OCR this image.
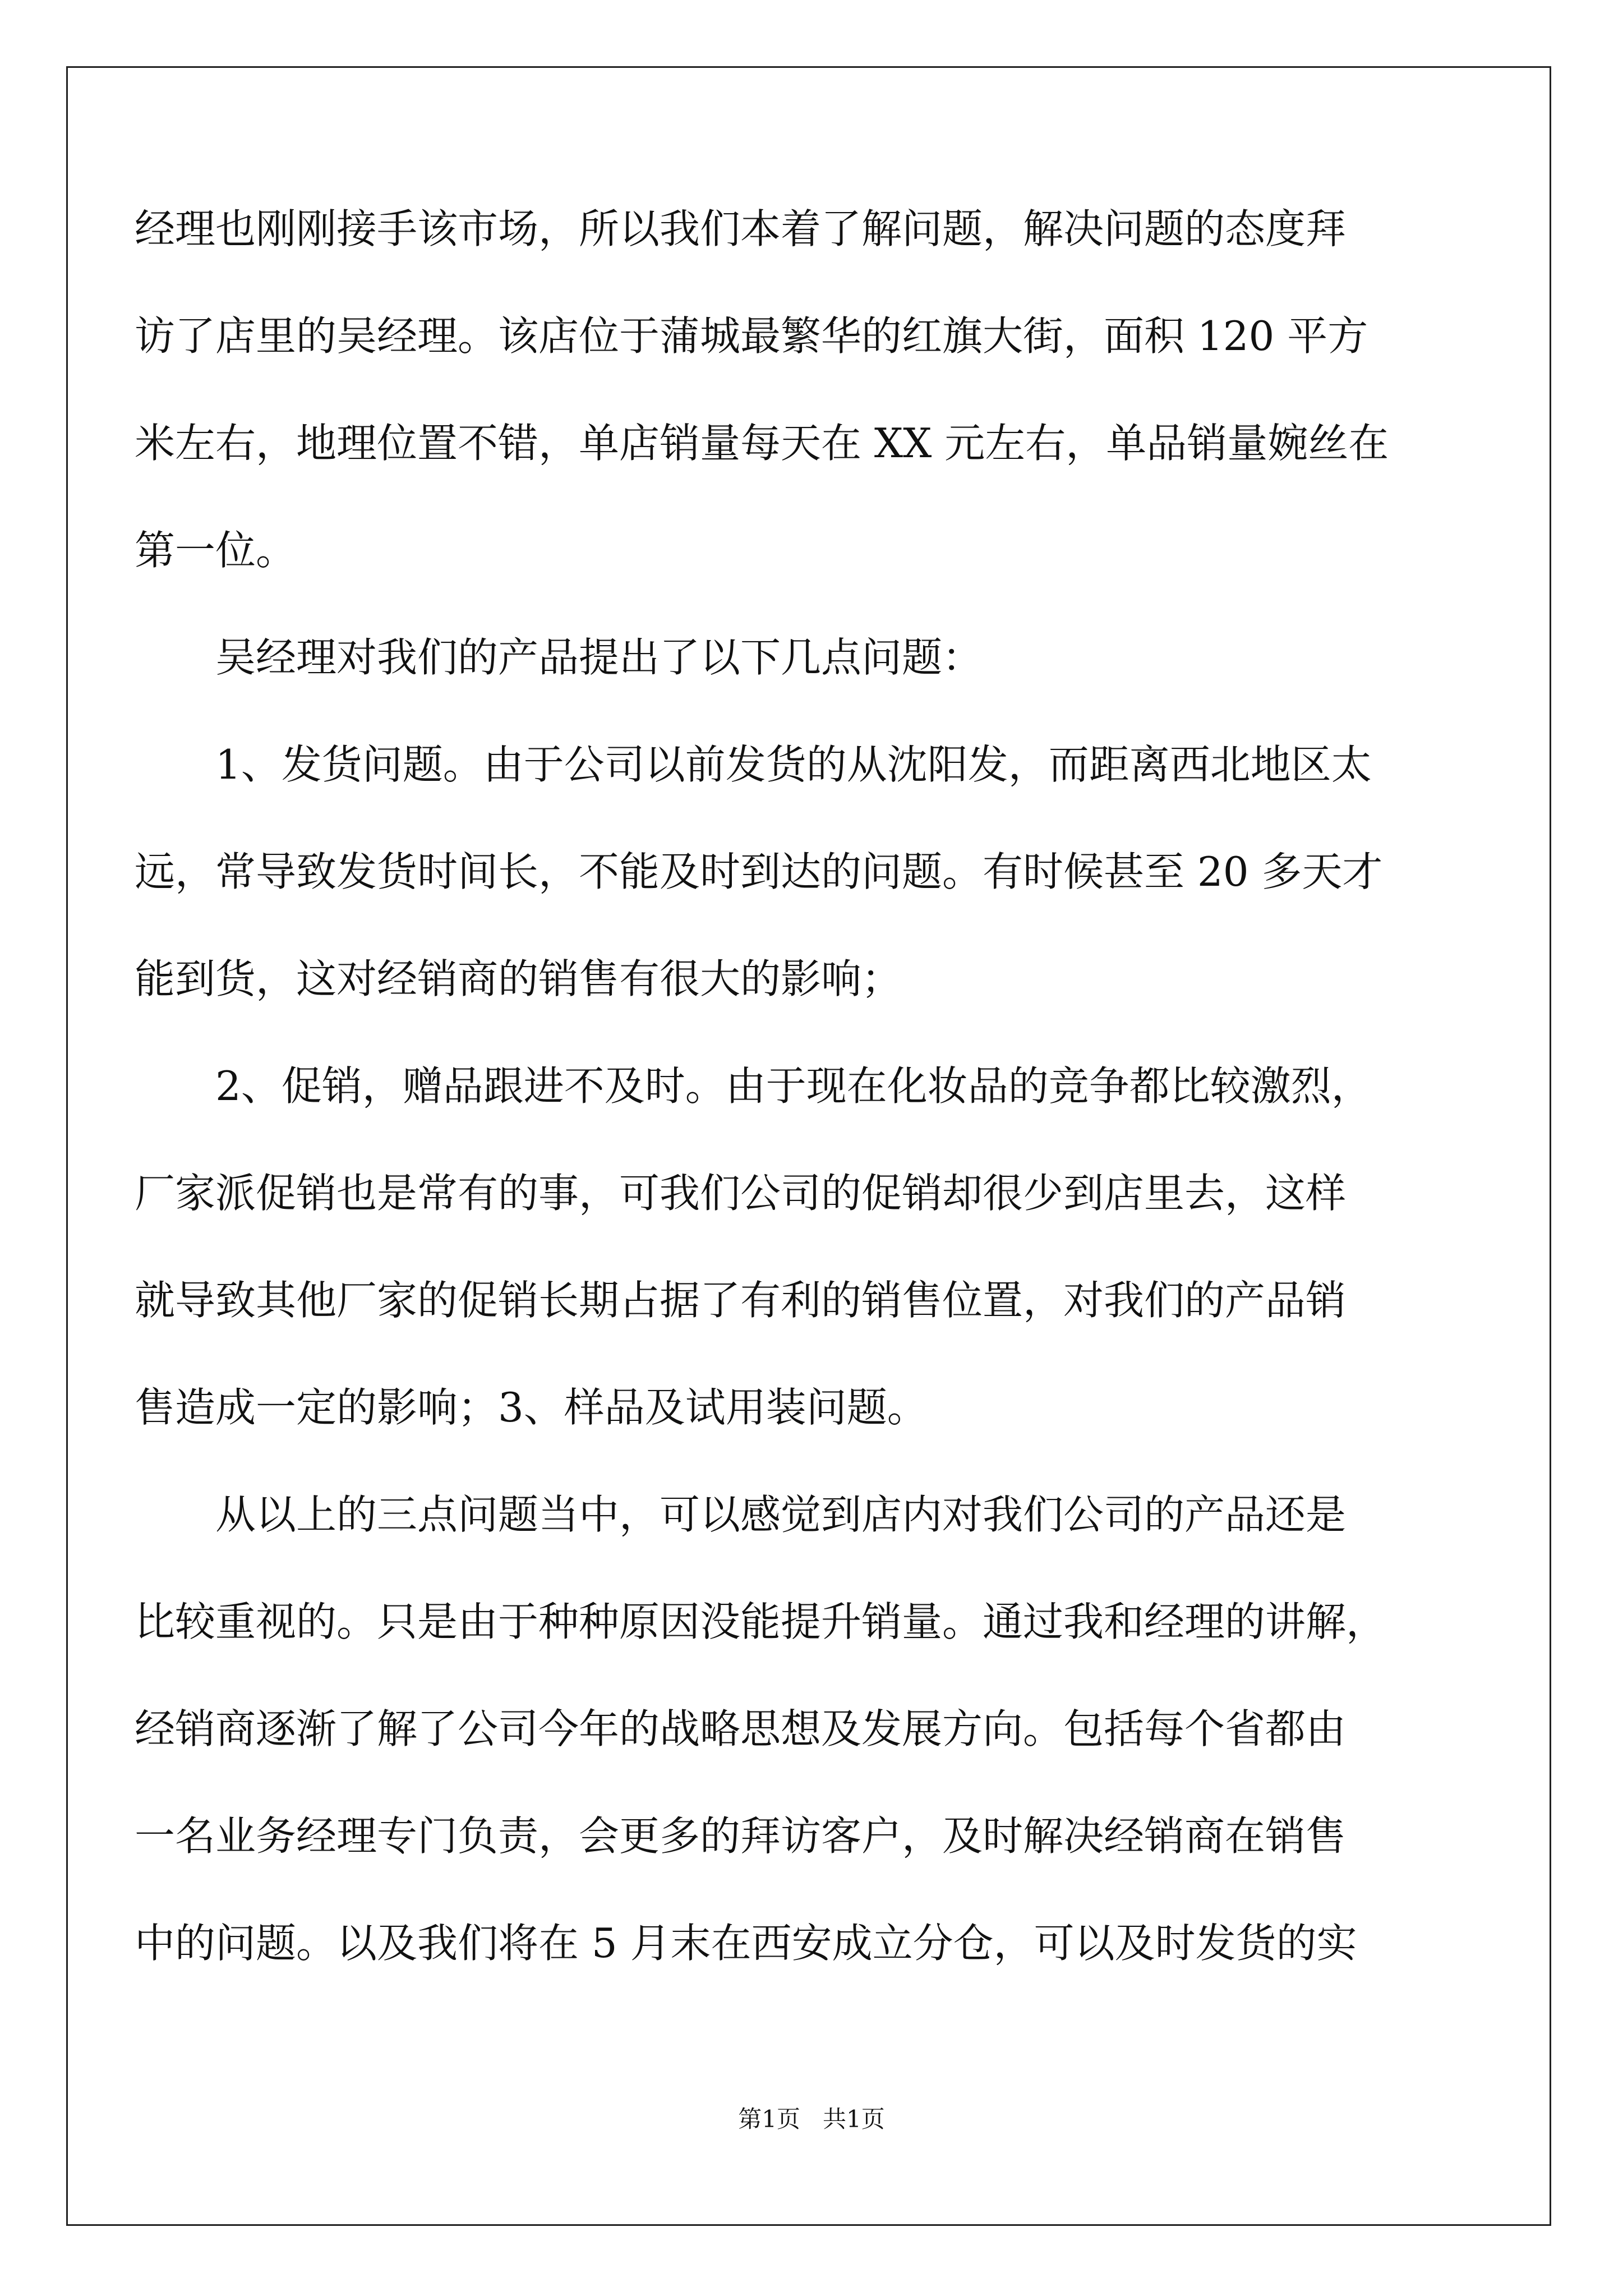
经理也刚刚接手该市场，所以我们本着了解问题，解决问题的态度拜
访了店里的吴经理。该店位于蒲城最繁华的红旗大街，面积 120 平方
米左右，地理位置不错，单店销量每天在 XX 元左右，单品销量婉丝在
第一位。
　　吴经理对我们的产品提出了以下几点问题：
　　1、发货问题。由于公司以前发货的从沈阳发，而距离西北地区太
远，常导致发货时间长，不能及时到达的问题。有时候甚至 20 多天才
能到货，这对经销商的销售有很大的影响；
　　2、促销，赠品跟进不及时。由于现在化妆品的竞争都比较激烈，
厂家派促销也是常有的事，可我们公司的促销却很少到店里去，这样
就导致其他厂家的促销长期占据了有利的销售位置，对我们的产品销
售造成一定的影响；3、样品及试用装问题。
　　从以上的三点问题当中，可以感觉到店内对我们公司的产品还是
比较重视的。只是由于种种原因没能提升销量。通过我和经理的讲解，
经销商逐渐了解了公司今年的战略思想及发展方向。包括每个省都由
一名业务经理专门负责，会更多的拜访客户，及时解决经销商在销售
中的问题。以及我们将在 5 月末在西安成立分仓，可以及时发货的实
第1页   共1页
